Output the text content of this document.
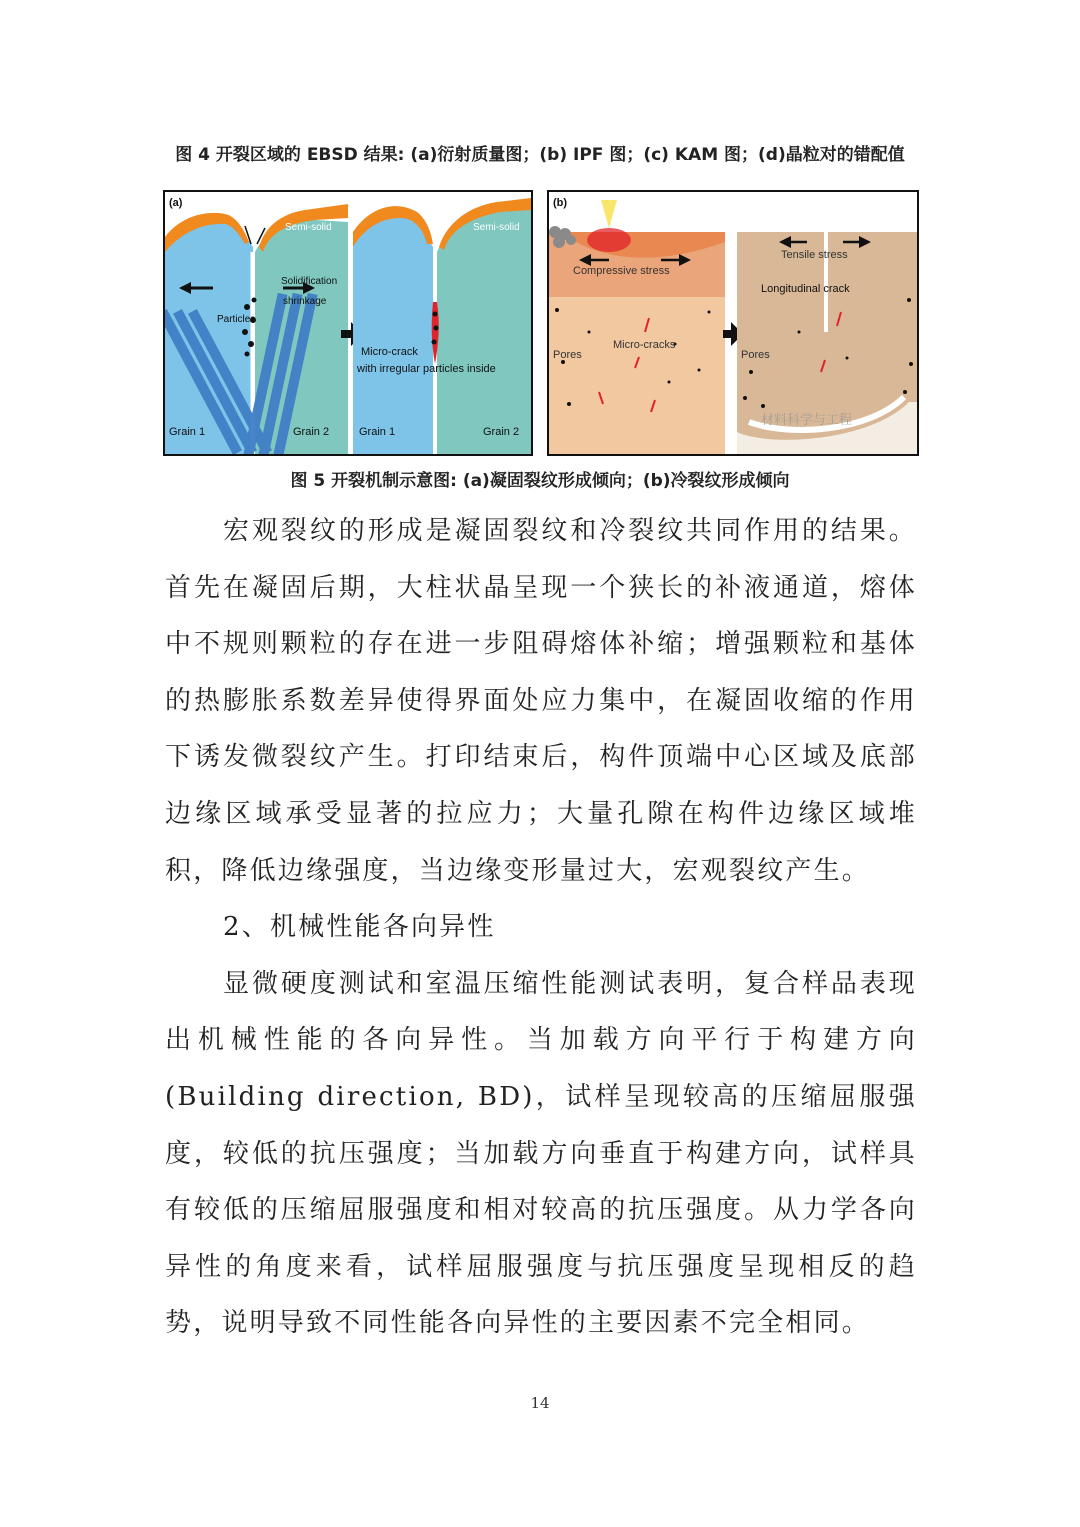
图 4 开裂区域的 EBSD 结果: (a)衍射质量图；(b) IPF 图；(c) KAM 图；(d)晶粒对的错配值
(a)
Semi-solid	Semi-solid
Solidification
shrinkage
Particles
Micro-crack
with irregular particles inside
Grain 1	Grain 2	Grain 1	Grain 2
(b)
Compressive stress
Tensile stress
Longitudinal crack
Pores
Micro-cracks
Pores
材料科学与工程
图 5 开裂机制示意图: (a)凝固裂纹形成倾向；(b)冷裂纹形成倾向

宏观裂纹的形成是凝固裂纹和冷裂纹共同作用的结果。首先在凝固后期，大柱状晶呈现一个狭长的补液通道，熔体中不规则颗粒的存在进一步阻碍熔体补缩；增强颗粒和基体的热膨胀系数差异使得界面处应力集中，在凝固收缩的作用下诱发微裂纹产生。打印结束后，构件顶端中心区域及底部边缘区域承受显著的拉应力；大量孔隙在构件边缘区域堆积，降低边缘强度，当边缘变形量过大，宏观裂纹产生。

2、机械性能各向异性

显微硬度测试和室温压缩性能测试表明，复合样品表现出机械性能的各向异性。当加载方向平行于构建方向(Building direction, BD)，试样呈现较高的压缩屈服强度，较低的抗压强度；当加载方向垂直于构建方向，试样具有较低的压缩屈服强度和相对较高的抗压强度。从力学各向异性的角度来看，试样屈服强度与抗压强度呈现相反的趋势，说明导致不同性能各向异性的主要因素不完全相同。

14
